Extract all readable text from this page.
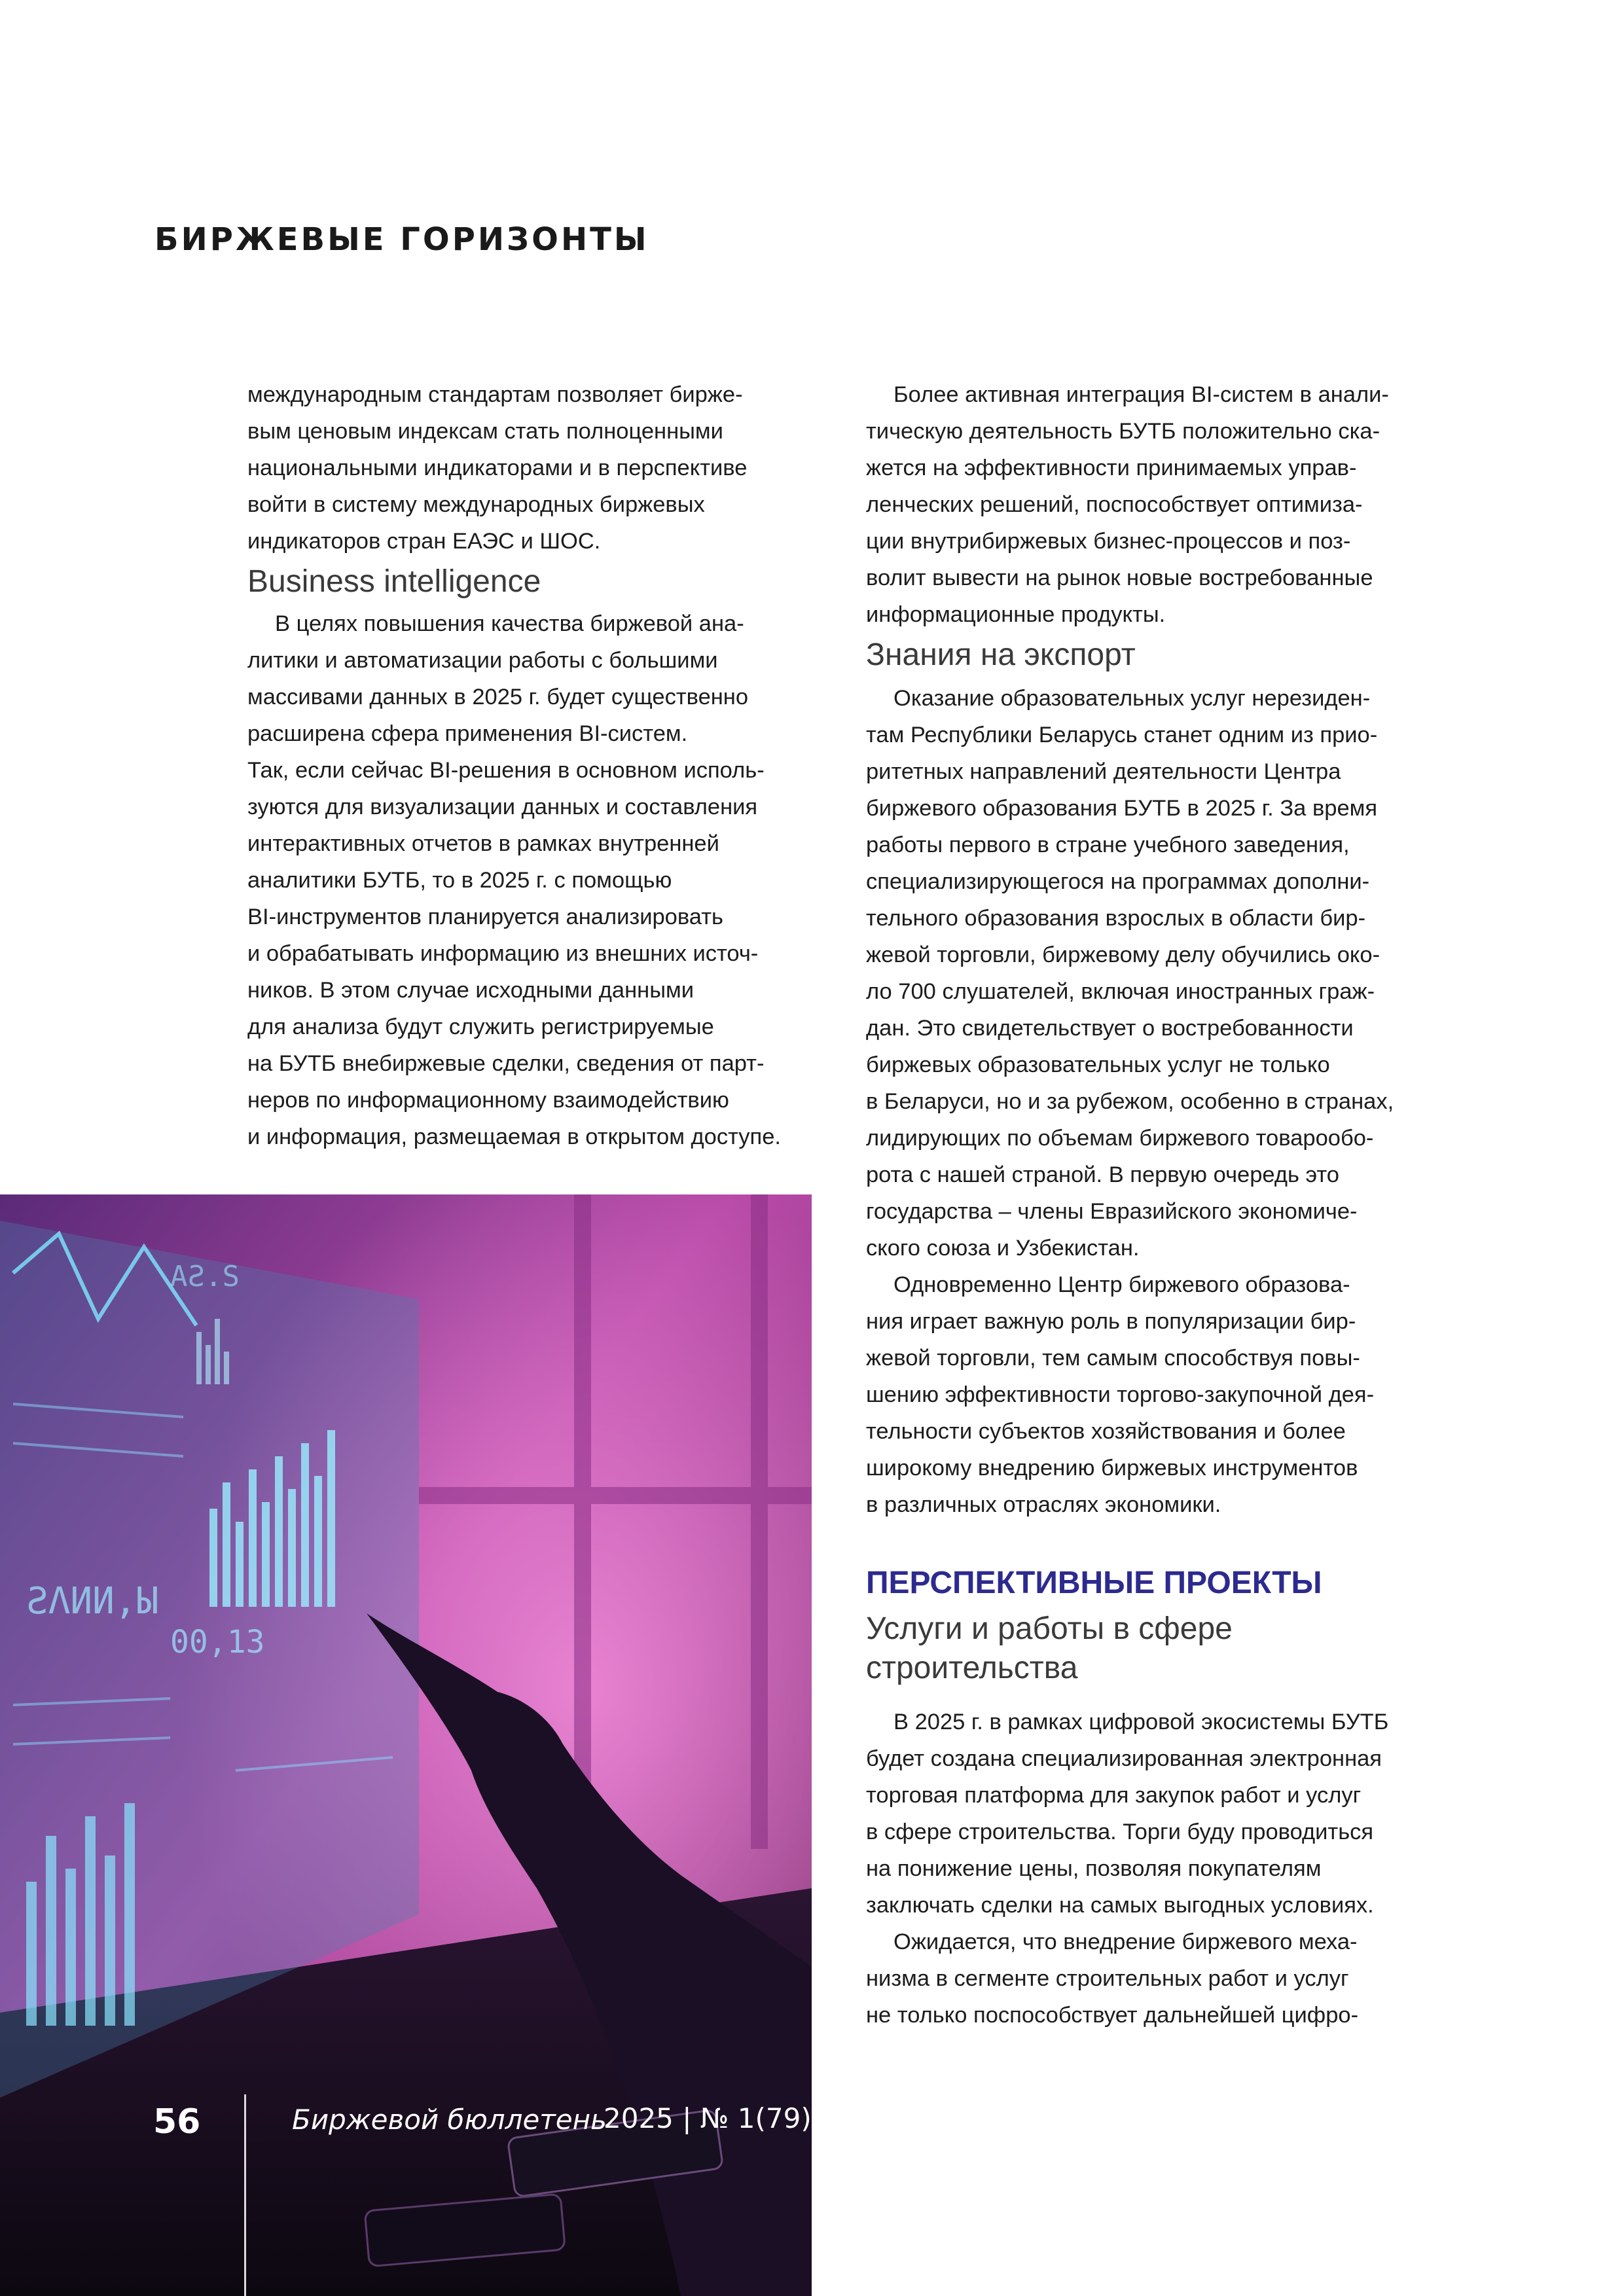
БИРЖЕВЫЕ ГОРИЗОНТЫ

международным стандартам позволяет бирже-
вым ценовым индексам стать полноценными
национальными индикаторами и в перспективе
войти в систему международных биржевых
индикаторов стран ЕАЭС и ШОС.

Business intelligence

В целях повышения качества биржевой ана-
литики и автоматизации работы с большими
массивами данных в 2025 г. будет существенно
расширена сфера применения BI-систем.
Так, если сейчас BI-решения в основном исполь-
зуются для визуализации данных и составления
интерактивных отчетов в рамках внутренней
аналитики БУТБ, то в 2025 г. с помощью
BI-инструментов планируется анализировать
и обрабатывать информацию из внешних источ-
ников. В этом случае исходными данными
для анализа будут служить регистрируемые
на БУТБ внебиржевые сделки, сведения от парт-
неров по информационному взаимодействию
и информация, размещаемая в открытом доступе.

Более активная интеграция BI-систем в анали-
тическую деятельность БУТБ положительно ска-
жется на эффективности принимаемых управ-
ленческих решений, поспособствует оптимиза-
ции внутрибиржевых бизнес-процессов и поз-
волит вывести на рынок новые востребованные
информационные продукты.

Знания на экспорт

Оказание образовательных услуг нерезиден-
там Республики Беларусь станет одним из прио-
ритетных направлений деятельности Центра
биржевого образования БУТБ в 2025 г. За время
работы первого в стране учебного заведения,
специализирующегося на программах дополни-
тельного образования взрослых в области бир-
жевой торговли, биржевому делу обучились око-
ло 700 слушателей, включая иностранных граж-
дан. Это свидетельствует о востребованности
биржевых образовательных услуг не только
в Беларуси, но и за рубежом, особенно в странах,
лидирующих по объемам биржевого товарообо-
рота с нашей страной. В первую очередь это
государства – члены Евразийского экономиче-
ского союза и Узбекистан.

Одновременно Центр биржевого образова-
ния играет важную роль в популяризации бир-
жевой торговли, тем самым способствуя повы-
шению эффективности торгово-закупочной дея-
тельности субъектов хозяйствования и более
широкому внедрению биржевых инструментов
в различных отраслях экономики.

ПЕРСПЕКТИВНЫЕ ПРОЕКТЫ
Услуги и работы в сфере
строительства

В 2025 г. в рамках цифровой экосистемы БУТБ
будет создана специализированная электронная
торговая платформа для закупок работ и услуг
в сфере строительства. Торги буду проводиться
на понижение цены, позволяя покупателям
заключать сделки на самых выгодных условиях.

Ожидается, что внедрение биржевого меха-
низма в сегменте строительных работ и услуг
не только поспособствует дальнейшей цифро-

ƧΛИИ,Ы
00,13
AƧ.S
56	Биржевой бюллетень
2025 | № 1(79)
